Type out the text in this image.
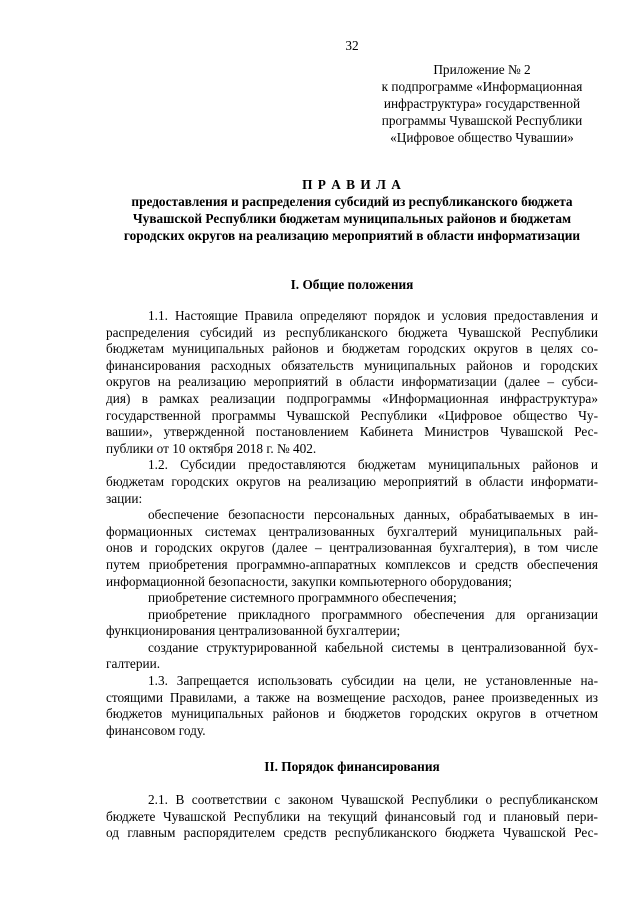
32
Приложение № 2
к подпрограмме «Информационная
инфраструктура» государственной
программы Чувашской Республики
«Цифровое общество Чувашии»
П Р А В И Л А
предоставления и распределения субсидий из республиканского бюджета
Чувашской Республики бюджетам муниципальных районов и бюджетам
городских округов на реализацию мероприятий в области информатизации
I. Общие положения
1.1. Настоящие Правила определяют порядок и условия предоставления и
распределения субсидий из республиканского бюджета Чувашской Республики
бюджетам муниципальных районов и бюджетам городских округов в целях со-
финансирования расходных обязательств муниципальных районов и городских
округов на реализацию мероприятий в области информатизации (далее – субси-
дия) в рамках реализации подпрограммы «Информационная инфраструктура»
государственной программы Чувашской Республики «Цифровое общество Чу-
вашии», утвержденной постановлением Кабинета Министров Чувашской Рес-
публики от 10 октября 2018 г. № 402.
1.2. Субсидии предоставляются бюджетам муниципальных районов и
бюджетам городских округов на реализацию мероприятий в области информати-
зации:
обеспечение безопасности персональных данных, обрабатываемых в ин-
формационных системах централизованных бухгалтерий муниципальных рай-
онов и городских округов (далее – централизованная бухгалтерия), в том числе
путем приобретения программно-аппаратных комплексов и средств обеспечения
информационной безопасности, закупки компьютерного оборудования;
приобретение системного программного обеспечения;
приобретение прикладного программного обеспечения для организации
функционирования централизованной бухгалтерии;
создание структурированной кабельной системы в централизованной бух-
галтерии.
1.3. Запрещается использовать субсидии на цели, не установленные на-
стоящими Правилами, а также на возмещение расходов, ранее произведенных из
бюджетов муниципальных районов и бюджетов городских округов в отчетном
финансовом году.
II. Порядок финансирования
2.1. В соответствии с законом Чувашской Республики о республиканском
бюджете Чувашской Республики на текущий финансовый год и плановый пери-
од главным распорядителем средств республиканского бюджета Чувашской Рес-
